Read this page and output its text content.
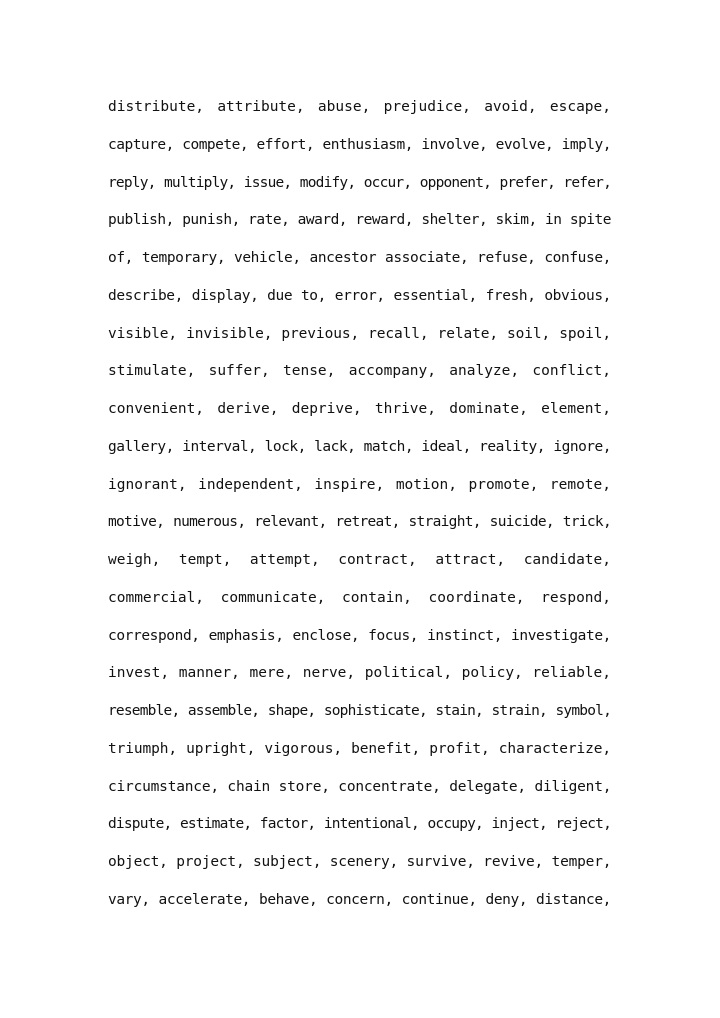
distribute, attribute, abuse, prejudice, avoid, escape,
capture, compete, effort, enthusiasm, involve, evolve, imply,
reply, multiply, issue, modify, occur, opponent, prefer, refer,
publish, punish, rate, award, reward, shelter, skim, in spite
of, temporary, vehicle, ancestor associate, refuse, confuse,
describe, display, due to, error, essential, fresh, obvious,
visible, invisible, previous, recall, relate, soil, spoil,
stimulate, suffer, tense, accompany, analyze, conflict,
convenient, derive, deprive, thrive, dominate, element,
gallery, interval, lock, lack, match, ideal, reality, ignore,
ignorant, independent, inspire, motion, promote, remote,
motive, numerous, relevant, retreat, straight, suicide, trick,
weigh, tempt, attempt, contract, attract, candidate,
commercial, communicate, contain, coordinate, respond,
correspond, emphasis, enclose, focus, instinct, investigate,
invest, manner, mere, nerve, political, policy, reliable,
resemble, assemble, shape, sophisticate, stain, strain, symbol,
triumph, upright, vigorous, benefit, profit, characterize,
circumstance, chain store, concentrate, delegate, diligent,
dispute, estimate, factor, intentional, occupy, inject, reject,
object, project, subject, scenery, survive, revive, temper,
vary, accelerate, behave, concern, continue, deny, distance,
